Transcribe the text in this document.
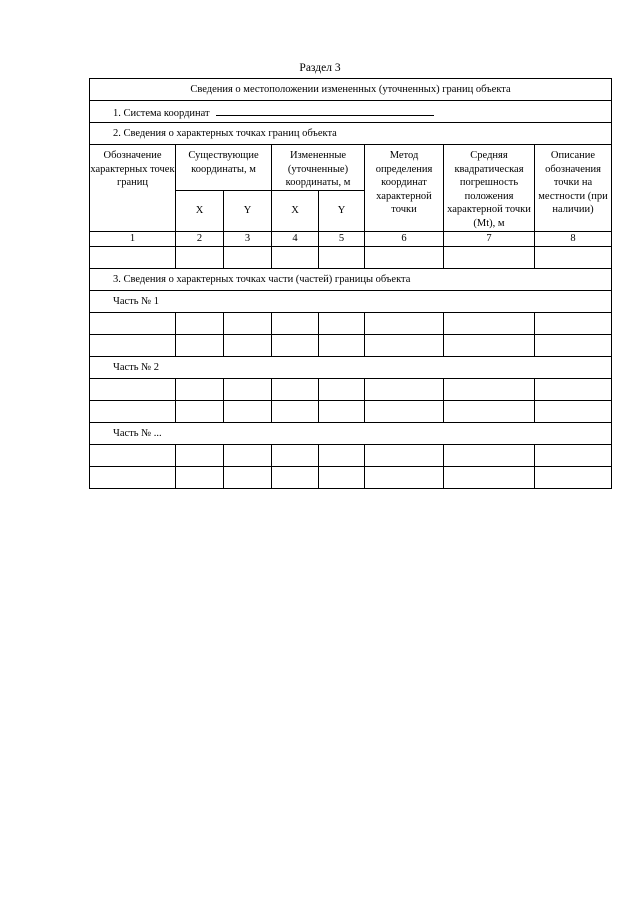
Раздел 3
Сведения о местоположении измененных (уточненных) границ объекта							
1. Система координат							
2. Сведения о характерных точках границ объекта							
Обозначение характерных точек границ	Существующие координаты, м		Измененные (уточненные) координаты, м		Метод определения координат характерной точки	Средняя квадратическая погрешность положения характерной точки (Mt), м	Описание обозначения точки на местности (при наличии)
	X	Y	X	Y			
1	2	3	4	5	6	7	8

3. Сведения о характерных точках части (частей) границы объекта							
Часть № 1							

Часть № 2							

Часть № ...							
